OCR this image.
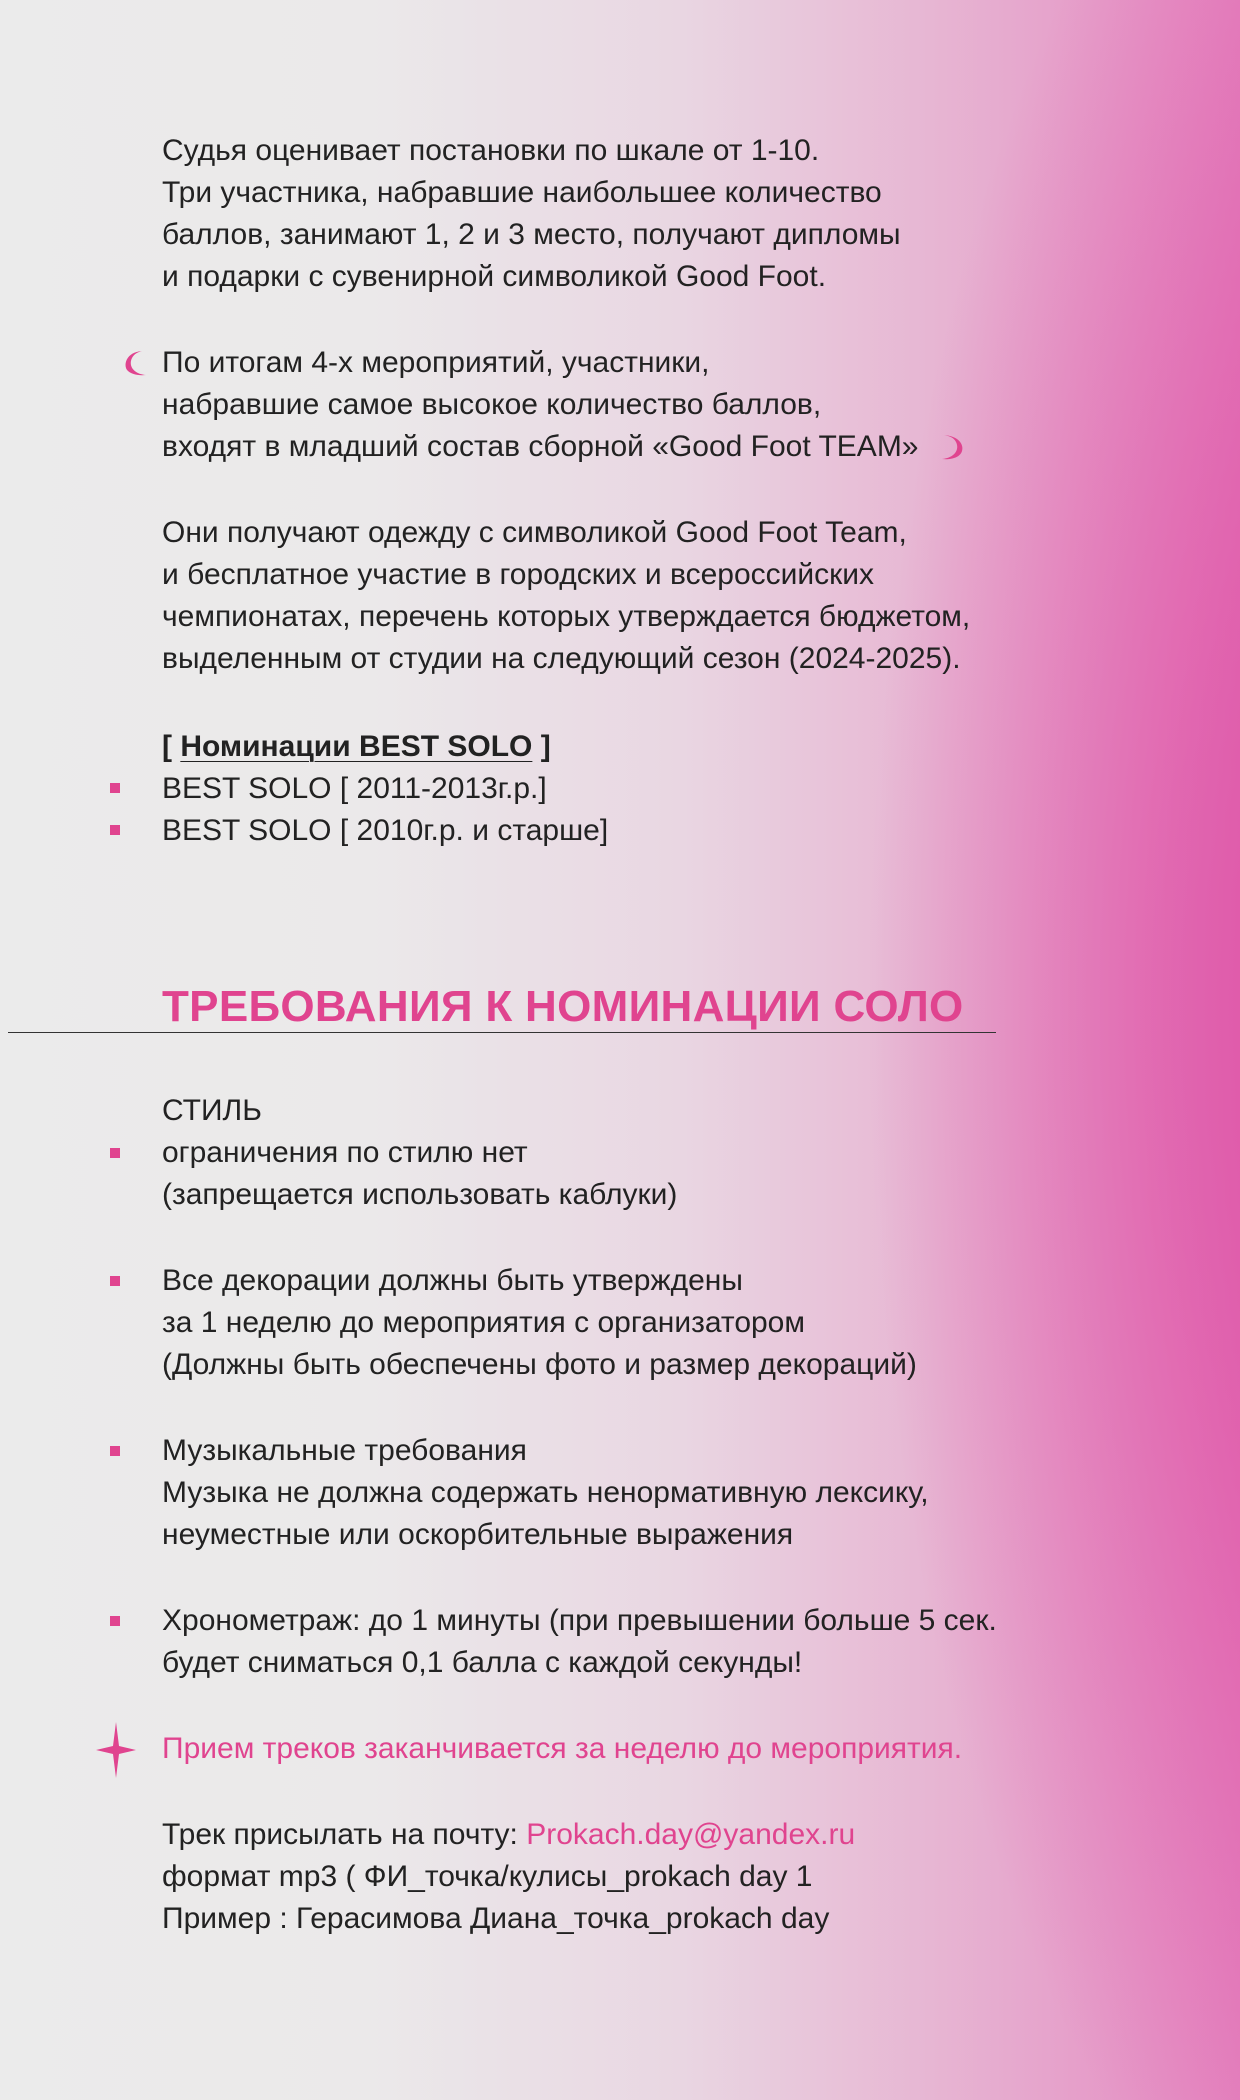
Судья оценивает постановки по шкале от 1-10.
Три участника, набравшие наибольшее количество
баллов, занимают 1, 2 и 3 место, получают дипломы
и подарки с сувенирной символикой Good Foot.
По итогам 4-х мероприятий, участники,
набравшие самое высокое количество баллов,
входят в младший состав сборной «Good Foot TEAM»
Они получают одежду с символикой Good Foot Team,
и бесплатное участие в городских и всероссийских
чемпионатах, перечень которых утверждается бюджетом,
выделенным от студии на следующий сезон (2024-2025).
[ Номинации BEST SOLO ]
BEST SOLO [ 2011-2013г.р.]
BEST SOLO [ 2010г.р. и старше]
ТРЕБОВАНИЯ К НОМИНАЦИИ СОЛО
СТИЛЬ
ограничения по стилю нет
(запрещается использовать каблуки)
Все декорации должны быть утверждены
за 1 неделю до мероприятия с организатором
(Должны быть обеспечены фото и размер декораций)
Музыкальные требования
Музыка не должна содержать ненормативную лексику,
неуместные или оскорбительные выражения
Хронометраж: до 1 минуты (при превышении больше 5 сек.
будет сниматься 0,1 балла с каждой секунды!
Прием треков заканчивается за неделю до мероприятия.
Трек присылать на почту: Prokach.day@yandex.ru
формат mp3 ( ФИ_точка/кулисы_prokach day 1
Пример : Герасимова Диана_точка_prokach day
